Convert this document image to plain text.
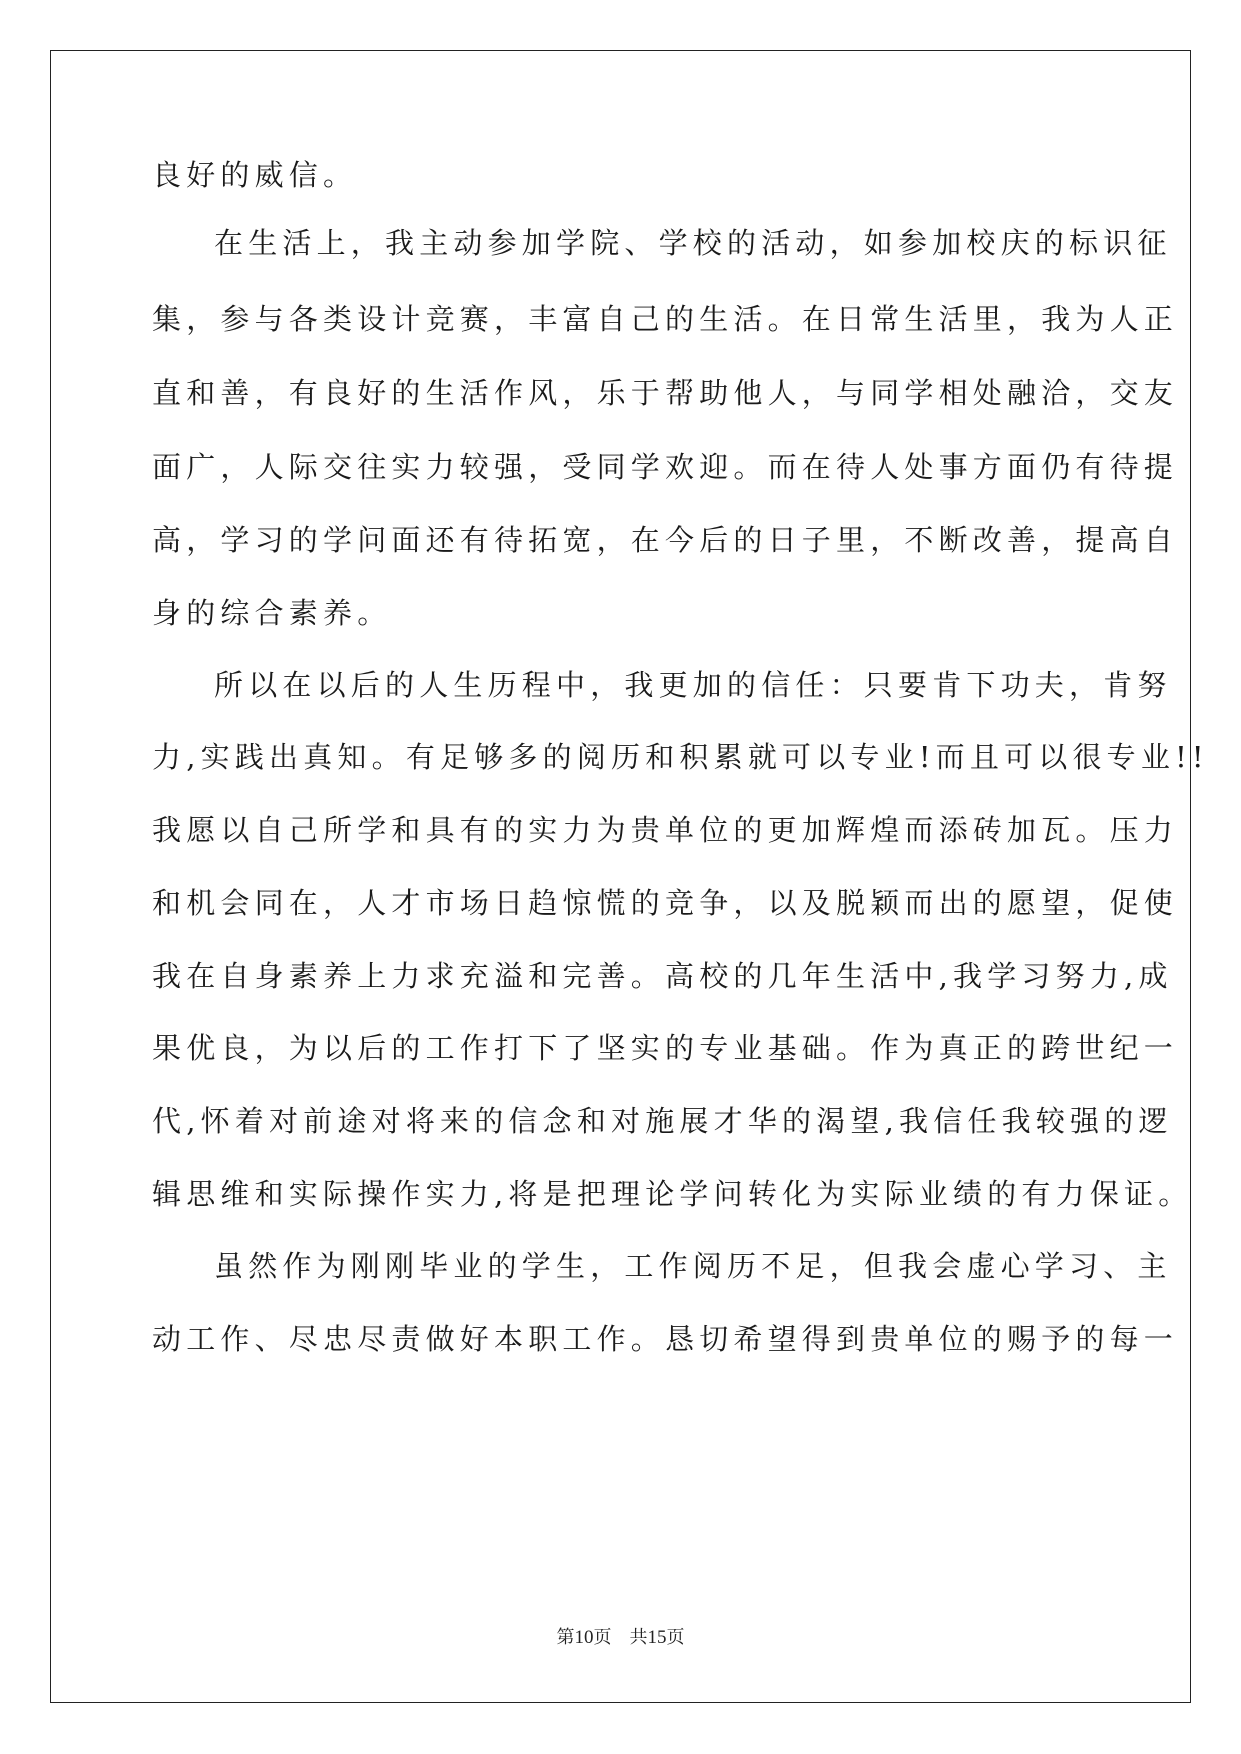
良好的威信。
在生活上，我主动参加学院、学校的活动，如参加校庆的标识征
集，参与各类设计竞赛，丰富自己的生活。在日常生活里，我为人正
直和善，有良好的生活作风，乐于帮助他人，与同学相处融洽，交友
面广，人际交往实力较强，受同学欢迎。而在待人处事方面仍有待提
高，学习的学问面还有待拓宽，在今后的日子里，不断改善，提高自
身的综合素养。
所以在以后的人生历程中，我更加的信任：只要肯下功夫，肯努
力,实践出真知。有足够多的阅历和积累就可以专业!而且可以很专业!!
我愿以自己所学和具有的实力为贵单位的更加辉煌而添砖加瓦。压力
和机会同在，人才市场日趋惊慌的竞争，以及脱颖而出的愿望，促使
我在自身素养上力求充溢和完善。高校的几年生活中,我学习努力,成
果优良，为以后的工作打下了坚实的专业基础。作为真正的跨世纪一
代,怀着对前途对将来的信念和对施展才华的渴望,我信任我较强的逻
辑思维和实际操作实力,将是把理论学问转化为实际业绩的有力保证。
虽然作为刚刚毕业的学生，工作阅历不足，但我会虚心学习、主
动工作、尽忠尽责做好本职工作。恳切希望得到贵单位的赐予的每一
第10页 共15页
